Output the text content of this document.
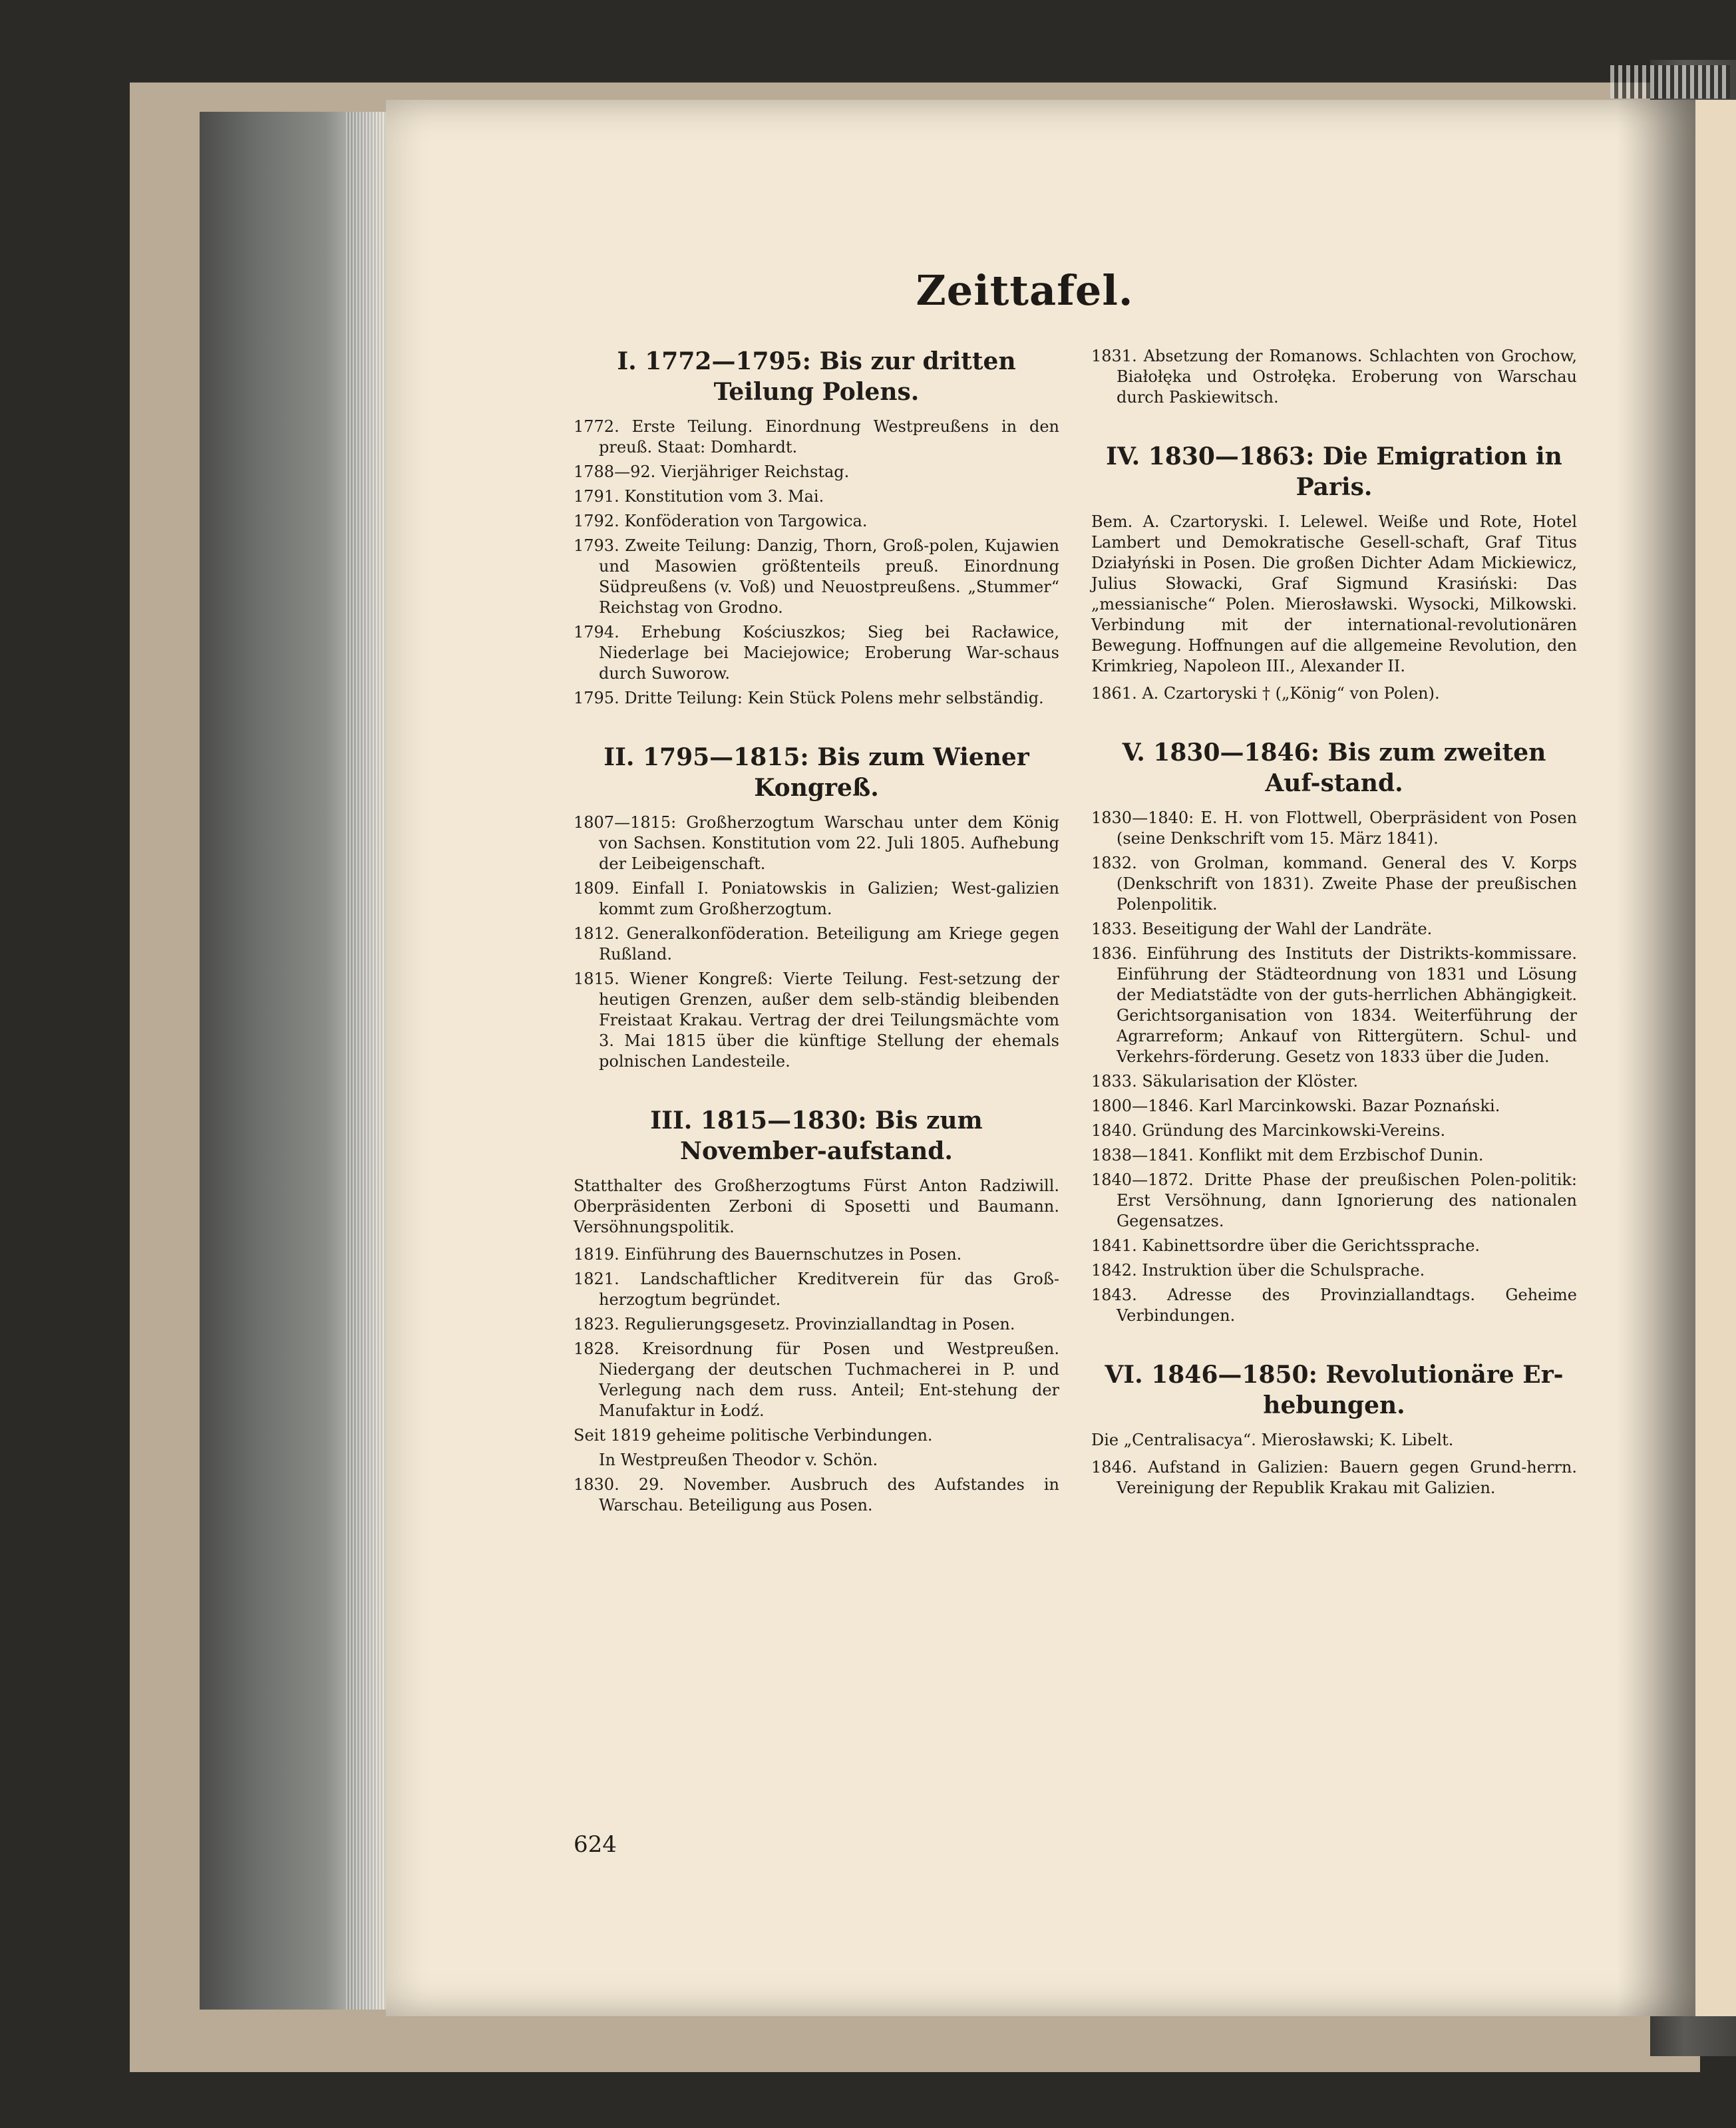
Zeittafel.
I. 1772—1795: Bis zur dritten Teilung Polens.
1772. Erste Teilung. Einordnung Westpreußens in den preuß. Staat: Domhardt.
1788—92. Vierjähriger Reichstag.
1791. Konstitution vom 3. Mai.
1792. Konföderation von Targowica.
1793. Zweite Teilung: Danzig, Thorn, Groß-polen, Kujawien und Masowien größtenteils preuß. Einordnung Südpreußens (v. Voß) und Neuostpreußens. „Stummer“ Reichstag von Grodno.
1794. Erhebung Kościuszkos; Sieg bei Racławice, Niederlage bei Maciejowice; Eroberung War-schaus durch Suworow.
1795. Dritte Teilung: Kein Stück Polens mehr selbständig.
II. 1795—1815: Bis zum Wiener Kongreß.
1807—1815: Großherzogtum Warschau unter dem König von Sachsen. Konstitution vom 22. Juli 1805. Aufhebung der Leibeigenschaft.
1809. Einfall I. Poniatowskis in Galizien; West-galizien kommt zum Großherzogtum.
1812. Generalkonföderation. Beteiligung am Kriege gegen Rußland.
1815. Wiener Kongreß: Vierte Teilung. Fest-setzung der heutigen Grenzen, außer dem selb-ständig bleibenden Freistaat Krakau. Vertrag der drei Teilungsmächte vom 3. Mai 1815 über die künftige Stellung der ehemals polnischen Landesteile.
III. 1815—1830: Bis zum November-aufstand.
Statthalter des Großherzogtums Fürst Anton Radziwill. Oberpräsidenten Zerboni di Sposetti und Baumann. Versöhnungspolitik.
1819. Einführung des Bauernschutzes in Posen.
1821. Landschaftlicher Kreditverein für das Groß-herzogtum begründet.
1823. Regulierungsgesetz. Provinziallandtag in Posen.
1828. Kreisordnung für Posen und Westpreußen. Niedergang der deutschen Tuchmacherei in P. und Verlegung nach dem russ. Anteil; Ent-stehung der Manufaktur in Łodź.
Seit 1819 geheime politische Verbindungen.
In Westpreußen Theodor v. Schön.
1830. 29. November. Ausbruch des Aufstandes in Warschau. Beteiligung aus Posen.
1831. Absetzung der Romanows. Schlachten von Grochow, Białołęka und Ostrołęka. Eroberung von Warschau durch Paskiewitsch.
IV. 1830—1863: Die Emigration in Paris.
Bem. A. Czartoryski. I. Lelewel. Weiße und Rote, Hotel Lambert und Demokratische Gesell-schaft, Graf Titus Działyński in Posen. Die großen Dichter Adam Mickiewicz, Julius Słowacki, Graf Sigmund Krasiński: Das „messianische“ Polen. Mierosławski. Wysocki, Milkowski. Verbindung mit der international-revolutionären Bewegung. Hoffnungen auf die allgemeine Revolution, den Krimkrieg, Napoleon III., Alexander II.
1861. A. Czartoryski † („König“ von Polen).
V. 1830—1846: Bis zum zweiten Auf-stand.
1830—1840: E. H. von Flottwell, Oberpräsident von Posen (seine Denkschrift vom 15. März 1841).
1832. von Grolman, kommand. General des V. Korps (Denkschrift von 1831). Zweite Phase der preußischen Polenpolitik.
1833. Beseitigung der Wahl der Landräte.
1836. Einführung des Instituts der Distrikts-kommissare. Einführung der Städteordnung von 1831 und Lösung der Mediatstädte von der guts-herrlichen Abhängigkeit. Gerichtsorganisation von 1834. Weiterführung der Agrarreform; Ankauf von Rittergütern. Schul- und Verkehrs-förderung. Gesetz von 1833 über die Juden.
1833. Säkularisation der Klöster.
1800—1846. Karl Marcinkowski. Bazar Poznański.
1840. Gründung des Marcinkowski-Vereins.
1838—1841. Konflikt mit dem Erzbischof Dunin.
1840—1872. Dritte Phase der preußischen Polen-politik: Erst Versöhnung, dann Ignorierung des nationalen Gegensatzes.
1841. Kabinettsordre über die Gerichtssprache.
1842. Instruktion über die Schulsprache.
1843. Adresse des Provinziallandtags. Geheime Verbindungen.
VI. 1846—1850: Revolutionäre Er-hebungen.
Die „Centralisacya“. Mierosławski; K. Libelt.
1846. Aufstand in Galizien: Bauern gegen Grund-herrn. Vereinigung der Republik Krakau mit Galizien.
624
